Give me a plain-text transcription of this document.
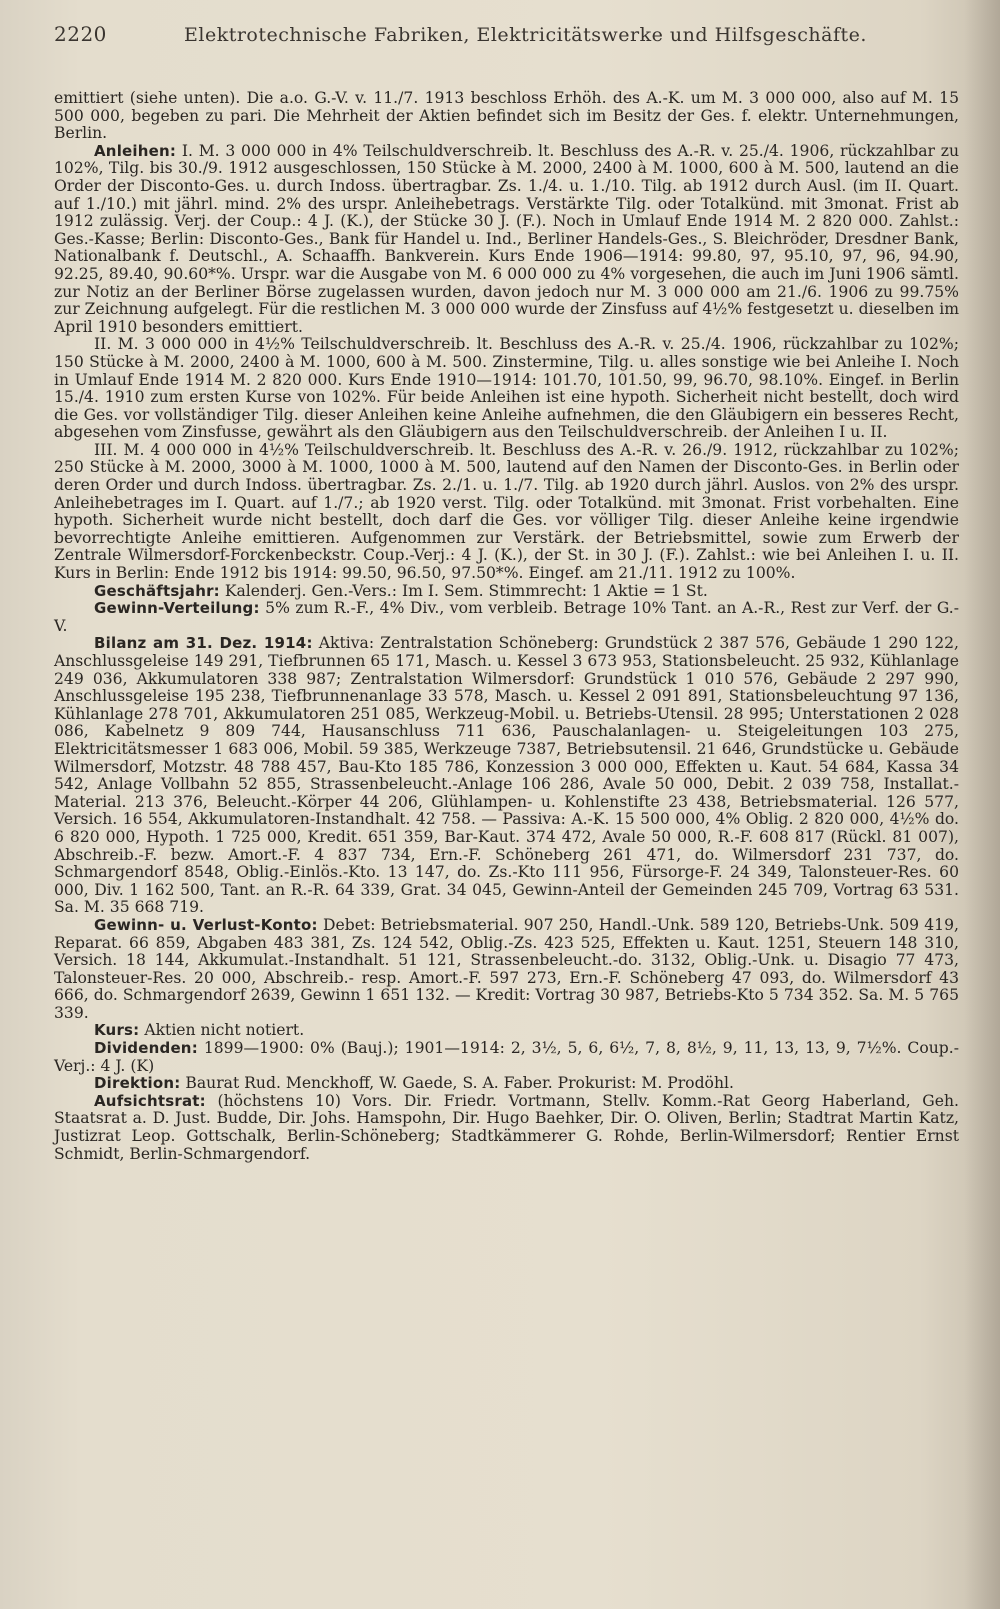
2220	Elektrotechnische Fabriken, Elektricitätswerke und Hilfsgeschäfte.

emittiert (siehe unten). Die a.o. G.-V. v. 11./7. 1913 beschloss Erhöh. des A.-K. um M. 3 000 000, also auf M. 15 500 000, begeben zu pari. Die Mehrheit der Aktien befindet sich im Besitz der Ges. f. elektr. Unternehmungen, Berlin.

Anleihen: I. M. 3 000 000 in 4% Teilschuldverschreib. lt. Beschluss des A.-R. v. 25./4. 1906, rückzahlbar zu 102%, Tilg. bis 30./9. 1912 ausgeschlossen, 150 Stücke à M. 2000, 2400 à M. 1000, 600 à M. 500, lautend an die Order der Disconto-Ges. u. durch Indoss. übertragbar. Zs. 1./4. u. 1./10. Tilg. ab 1912 durch Ausl. (im II. Quart. auf 1./10.) mit jährl. mind. 2% des urspr. Anleihebetrags. Verstärkte Tilg. oder Totalkünd. mit 3monat. Frist ab 1912 zulässig. Verj. der Coup.: 4 J. (K.), der Stücke 30 J. (F.). Noch in Umlauf Ende 1914 M. 2 820 000. Zahlst.: Ges.-Kasse; Berlin: Disconto-Ges., Bank für Handel u. Ind., Berliner Handels-Ges., S. Bleichröder, Dresdner Bank, Nationalbank f. Deutschl., A. Schaaffh. Bankverein. Kurs Ende 1906—1914: 99.80, 97, 95.10, 97, 96, 94.90, 92.25, 89.40, 90.60*%. Urspr. war die Ausgabe von M. 6 000 000 zu 4% vorgesehen, die auch im Juni 1906 sämtl. zur Notiz an der Berliner Börse zugelassen wurden, davon jedoch nur M. 3 000 000 am 21./6. 1906 zu 99.75% zur Zeichnung aufgelegt. Für die restlichen M. 3 000 000 wurde der Zinsfuss auf 4½% festgesetzt u. dieselben im April 1910 besonders emittiert.

II. M. 3 000 000 in 4½% Teilschuldverschreib. lt. Beschluss des A.-R. v. 25./4. 1906, rückzahlbar zu 102%; 150 Stücke à M. 2000, 2400 à M. 1000, 600 à M. 500. Zinstermine, Tilg. u. alles sonstige wie bei Anleihe I. Noch in Umlauf Ende 1914 M. 2 820 000. Kurs Ende 1910—1914: 101.70, 101.50, 99, 96.70, 98.10%. Eingef. in Berlin 15./4. 1910 zum ersten Kurse von 102%. Für beide Anleihen ist eine hypoth. Sicherheit nicht bestellt, doch wird die Ges. vor vollständiger Tilg. dieser Anleihen keine Anleihe aufnehmen, die den Gläubigern ein besseres Recht, abgesehen vom Zinsfusse, gewährt als den Gläubigern aus den Teilschuldverschreib. der Anleihen I u. II.

III. M. 4 000 000 in 4½% Teilschuldverschreib. lt. Beschluss des A.-R. v. 26./9. 1912, rückzahlbar zu 102%; 250 Stücke à M. 2000, 3000 à M. 1000, 1000 à M. 500, lautend auf den Namen der Disconto-Ges. in Berlin oder deren Order und durch Indoss. übertragbar. Zs. 2./1. u. 1./7. Tilg. ab 1920 durch jährl. Auslos. von 2% des urspr. Anleihebetrages im I. Quart. auf 1./7.; ab 1920 verst. Tilg. oder Totalkünd. mit 3monat. Frist vorbehalten. Eine hypoth. Sicherheit wurde nicht bestellt, doch darf die Ges. vor völliger Tilg. dieser Anleihe keine irgendwie bevorrechtigte Anleihe emittieren. Aufgenommen zur Verstärk. der Betriebsmittel, sowie zum Erwerb der Zentrale Wilmersdorf-Forckenbeckstr. Coup.-Verj.: 4 J. (K.), der St. in 30 J. (F.). Zahlst.: wie bei Anleihen I. u. II. Kurs in Berlin: Ende 1912 bis 1914: 99.50, 96.50, 97.50*%. Eingef. am 21./11. 1912 zu 100%.

Geschäftsjahr: Kalenderj. Gen.-Vers.: Im I. Sem. Stimmrecht: 1 Aktie = 1 St.

Gewinn-Verteilung: 5% zum R.-F., 4% Div., vom verbleib. Betrage 10% Tant. an A.-R., Rest zur Verf. der G.-V.

Bilanz am 31. Dez. 1914: Aktiva: Zentralstation Schöneberg: Grundstück 2 387 576, Gebäude 1 290 122, Anschlussgeleise 149 291, Tiefbrunnen 65 171, Masch. u. Kessel 3 673 953, Stationsbeleucht. 25 932, Kühlanlage 249 036, Akkumulatoren 338 987; Zentralstation Wilmersdorf: Grundstück 1 010 576, Gebäude 2 297 990, Anschlussgeleise 195 238, Tiefbrunnenanlage 33 578, Masch. u. Kessel 2 091 891, Stationsbeleuchtung 97 136, Kühlanlage 278 701, Akkumulatoren 251 085, Werkzeug-Mobil. u. Betriebs-Utensil. 28 995; Unterstationen 2 028 086, Kabelnetz 9 809 744, Hausanschluss 711 636, Pauschalanlagen- u. Steigeleitungen 103 275, Elektricitätsmesser 1 683 006, Mobil. 59 385, Werkzeuge 7387, Betriebsutensil. 21 646, Grundstücke u. Gebäude Wilmersdorf, Motzstr. 48 788 457, Bau-Kto 185 786, Konzession 3 000 000, Effekten u. Kaut. 54 684, Kassa 34 542, Anlage Vollbahn 52 855, Strassenbeleucht.-Anlage 106 286, Avale 50 000, Debit. 2 039 758, Installat.-Material. 213 376, Beleucht.-Körper 44 206, Glühlampen- u. Kohlenstifte 23 438, Betriebsmaterial. 126 577, Versich. 16 554, Akkumulatoren-Instandhalt. 42 758. — Passiva: A.-K. 15 500 000, 4% Oblig. 2 820 000, 4½% do. 6 820 000, Hypoth. 1 725 000, Kredit. 651 359, Bar-Kaut. 374 472, Avale 50 000, R.-F. 608 817 (Rückl. 81 007), Abschreib.-F. bezw. Amort.-F. 4 837 734, Ern.-F. Schöneberg 261 471, do. Wilmersdorf 231 737, do. Schmargendorf 8548, Oblig.-Einlös.-Kto. 13 147, do. Zs.-Kto 111 956, Fürsorge-F. 24 349, Talonsteuer-Res. 60 000, Div. 1 162 500, Tant. an R.-R. 64 339, Grat. 34 045, Gewinn-Anteil der Gemeinden 245 709, Vortrag 63 531. Sa. M. 35 668 719.

Gewinn- u. Verlust-Konto: Debet: Betriebsmaterial. 907 250, Handl.-Unk. 589 120, Betriebs-Unk. 509 419, Reparat. 66 859, Abgaben 483 381, Zs. 124 542, Oblig.-Zs. 423 525, Effekten u. Kaut. 1251, Steuern 148 310, Versich. 18 144, Akkumulat.-Instandhalt. 51 121, Strassenbeleucht.-do. 3132, Oblig.-Unk. u. Disagio 77 473, Talonsteuer-Res. 20 000, Abschreib.- resp. Amort.-F. 597 273, Ern.-F. Schöneberg 47 093, do. Wilmersdorf 43 666, do. Schmargendorf 2639, Gewinn 1 651 132. — Kredit: Vortrag 30 987, Betriebs-Kto 5 734 352. Sa. M. 5 765 339.

Kurs: Aktien nicht notiert.

Dividenden: 1899—1900: 0% (Bauj.); 1901—1914: 2, 3½, 5, 6, 6½, 7, 8, 8½, 9, 11, 13, 13, 9, 7½%. Coup.-Verj.: 4 J. (K)

Direktion: Baurat Rud. Menckhoff, W. Gaede, S. A. Faber. Prokurist: M. Prodöhl.

Aufsichtsrat: (höchstens 10) Vors. Dir. Friedr. Vortmann, Stellv. Komm.-Rat Georg Haberland, Geh. Staatsrat a. D. Just. Budde, Dir. Johs. Hamspohn, Dir. Hugo Baehker, Dir. O. Oliven, Berlin; Stadtrat Martin Katz, Justizrat Leop. Gottschalk, Berlin-Schöneberg; Stadtkämmerer G. Rohde, Berlin-Wilmersdorf; Rentier Ernst Schmidt, Berlin-Schmargendorf.
